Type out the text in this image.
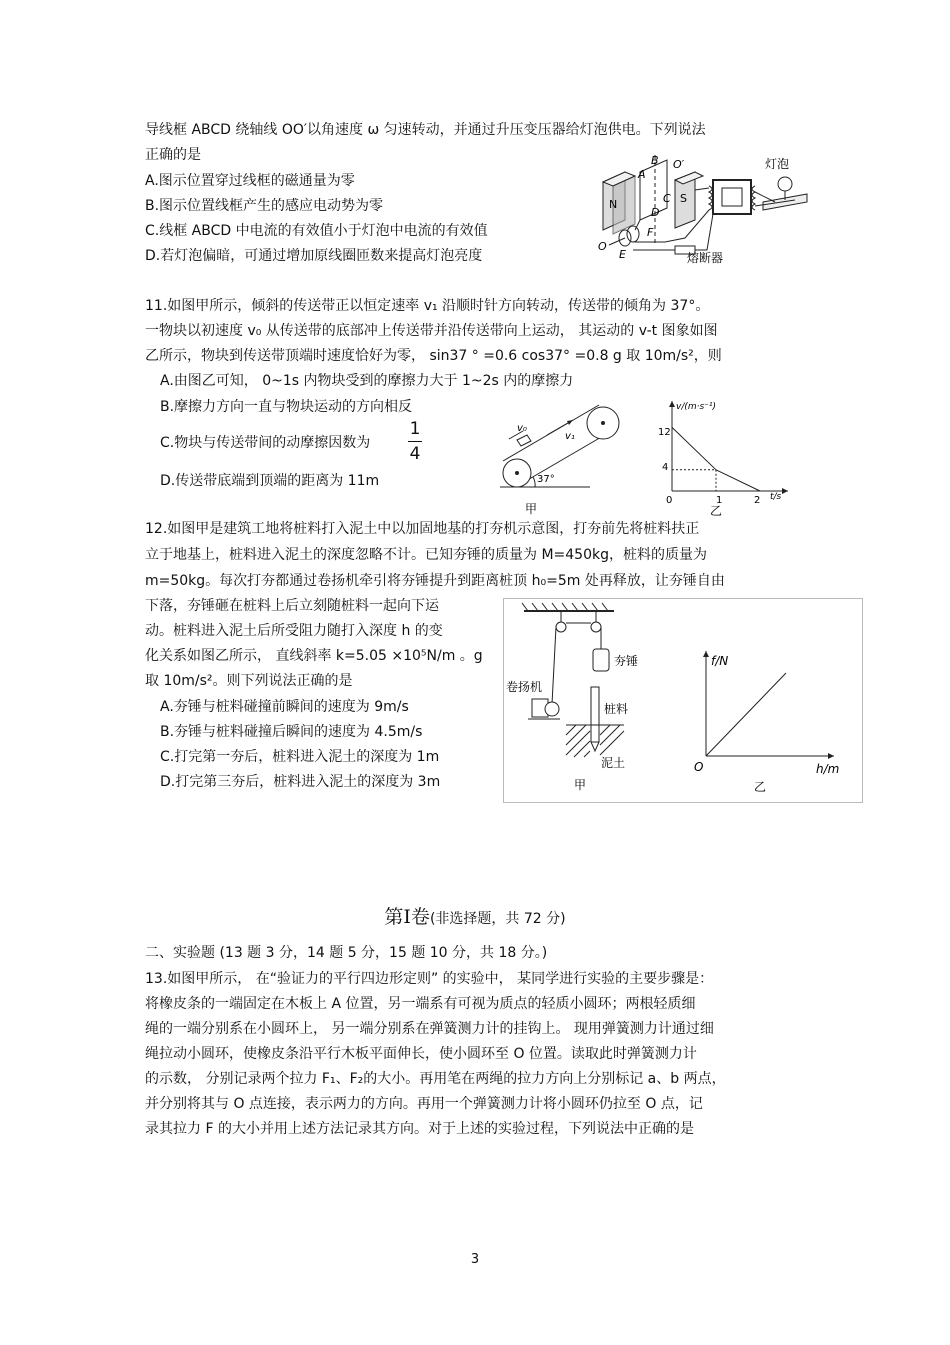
导线框 ABCD 绕轴线 OO′以角速度 ω 匀速转动，并通过升压变压器给灯泡供电。下列说法
正确的是
A.图示位置穿过线框的磁通量为零
B.图示位置线框产生的感应电动势为零
C.线框 ABCD 中电流的有效值小于灯泡中电流的有效值
D.若灯泡偏暗，可通过增加原线圈匝数来提高灯泡亮度
N
O
E
F
B
A
C
D
O′
S
灯泡
熔断器
11.如图甲所示，倾斜的传送带正以恒定速率 v₁ 沿顺时针方向转动，传送带的倾角为 37°。
一物块以初速度 v₀ 从传送带的底部冲上传送带并沿传送带向上运动， 其运动的 v-t 图象如图
乙所示，物块到传送带顶端时速度恰好为零， sin37 ° =0.6 cos37° =0.8 g 取 10m/s²，则
A.由图乙可知， 0~1s 内物块受到的摩擦力大于 1~2s 内的摩擦力
B.摩擦力方向一直与物块运动的方向相反
C.物块与传送带间的动摩擦因数为
1
4
D.传送带底端到顶端的距离为 11m
v₀
v₁
37°
甲
v/(m·s⁻¹)
t/s
12
4
0	1	2
乙
12.如图甲是建筑工地将桩料打入泥土中以加固地基的打夯机示意图，打夯前先将桩料扶正
立于地基上，桩料进入泥土的深度忽略不计。已知夯锤的质量为 M=450kg，桩料的质量为
m=50kg。每次打夯都通过卷扬机牵引将夯锤提升到距离桩顶 h₀=5m 处再释放，让夯锤自由
下落，夯锤砸在桩料上后立刻随桩料一起向下运
动。桩料进入泥土后所受阻力随打入深度 h 的变
化关系如图乙所示， 直线斜率 k=5.05 ×10⁵N/m 。g
取 10m/s²。则下列说法正确的是
A.夯锤与桩料碰撞前瞬间的速度为 9m/s
B.夯锤与桩料碰撞后瞬间的速度为 4.5m/s
C.打完第一夯后，桩料进入泥土的深度为 1m
D.打完第三夯后，桩料进入泥土的深度为 3m
夯锤
卷扬机
桩料
泥土
甲
f/N
h/m
O
乙
第Ⅰ卷(非选择题，共 72 分)
二、实验题 (13 题 3 分，14 题 5 分，15 题 10 分，共 18 分。)
13.如图甲所示， 在“验证力的平行四边形定则” 的实验中， 某同学进行实验的主要步骤是：
将橡皮条的一端固定在木板上 A 位置，另一端系有可视为质点的轻质小圆环；两根轻质细
绳的一端分别系在小圆环上， 另一端分别系在弹簧测力计的挂钩上。 现用弹簧测力计通过细
绳拉动小圆环，使橡皮条沿平行木板平面伸长，使小圆环至 O 位置。读取此时弹簧测力计
的示数， 分别记录两个拉力 F₁、F₂的大小。再用笔在两绳的拉力方向上分别标记 a、b 两点，
并分别将其与 O 点连接，表示两力的方向。再用一个弹簧测力计将小圆环仍拉至 O 点，记
录其拉力 F 的大小并用上述方法记录其方向。对于上述的实验过程，下列说法中正确的是
3
